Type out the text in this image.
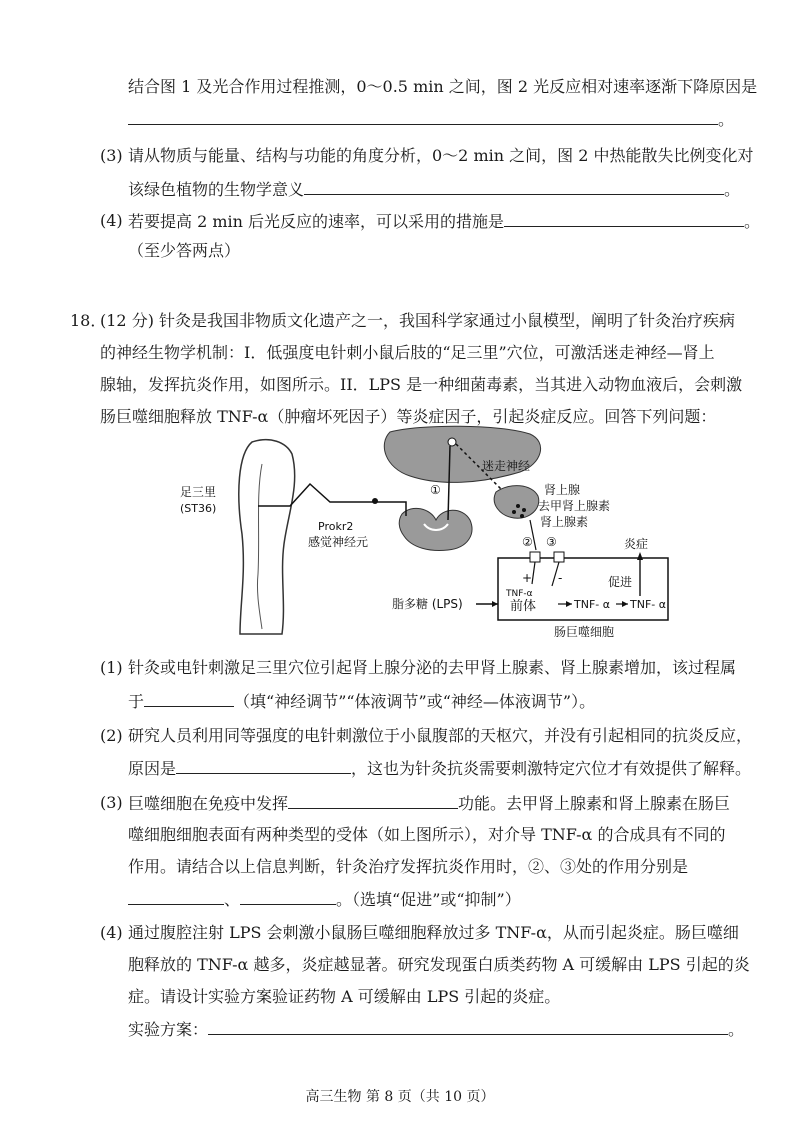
结合图 1 及光合作用过程推测，0～0.5 min 之间，图 2 光反应相对速率逐渐下降原因是
。
(3) 请从物质与能量、结构与功能的角度分析，0～2 min 之间，图 2 中热能散失比例变化对
该绿色植物的生物学意义	。
(4) 若要提高 2 min 后光反应的速率，可以采用的措施是	。
（至少答两点）
18．
(12 分) 针灸是我国非物质文化遗产之一，我国科学家通过小鼠模型，阐明了针灸治疗疾病
的神经生物学机制：I．低强度电针刺小鼠后肢的“足三里”穴位，可激活迷走神经—肾上
腺轴，发挥抗炎作用，如图所示。II．LPS 是一种细菌毒素，当其进入动物血液后，会刺激
肠巨噬细胞释放 TNF-α（肿瘤坏死因子）等炎症因子，引起炎症反应。回答下列问题：
足三里
(ST36)
①
迷走神经
肾上腺
去甲肾上腺素
肾上腺素
Prokr2
感觉神经元	② ③
+ -
TNF-α
前体	TNF- α TNF- α
促进
炎症
脂多糖 (LPS)
肠巨噬细胞
(1) 针灸或电针刺激足三里穴位引起肾上腺分泌的去甲肾上腺素、肾上腺素增加，该过程属
于	（填“神经调节”“体液调节”或“神经—体液调节”）。
(2) 研究人员利用同等强度的电针刺激位于小鼠腹部的天枢穴，并没有引起相同的抗炎反应，
原因是	，这也为针灸抗炎需要刺激特定穴位才有效提供了解释。
(3) 巨噬细胞在免疫中发挥	功能。去甲肾上腺素和肾上腺素在肠巨
噬细胞细胞表面有两种类型的受体（如上图所示），对介导 TNF-α 的合成具有不同的
作用。请结合以上信息判断，针灸治疗发挥抗炎作用时，②、③处的作用分别是
、	。（选填“促进”或“抑制”）
(4) 通过腹腔注射 LPS 会刺激小鼠肠巨噬细胞释放过多 TNF-α，从而引起炎症。肠巨噬细
胞释放的 TNF-α 越多，炎症越显著。研究发现蛋白质类药物 A 可缓解由 LPS 引起的炎
症。请设计实验方案验证药物 A 可缓解由 LPS 引起的炎症。
实验方案：	。
高三生物 第 8 页（共 10 页）
